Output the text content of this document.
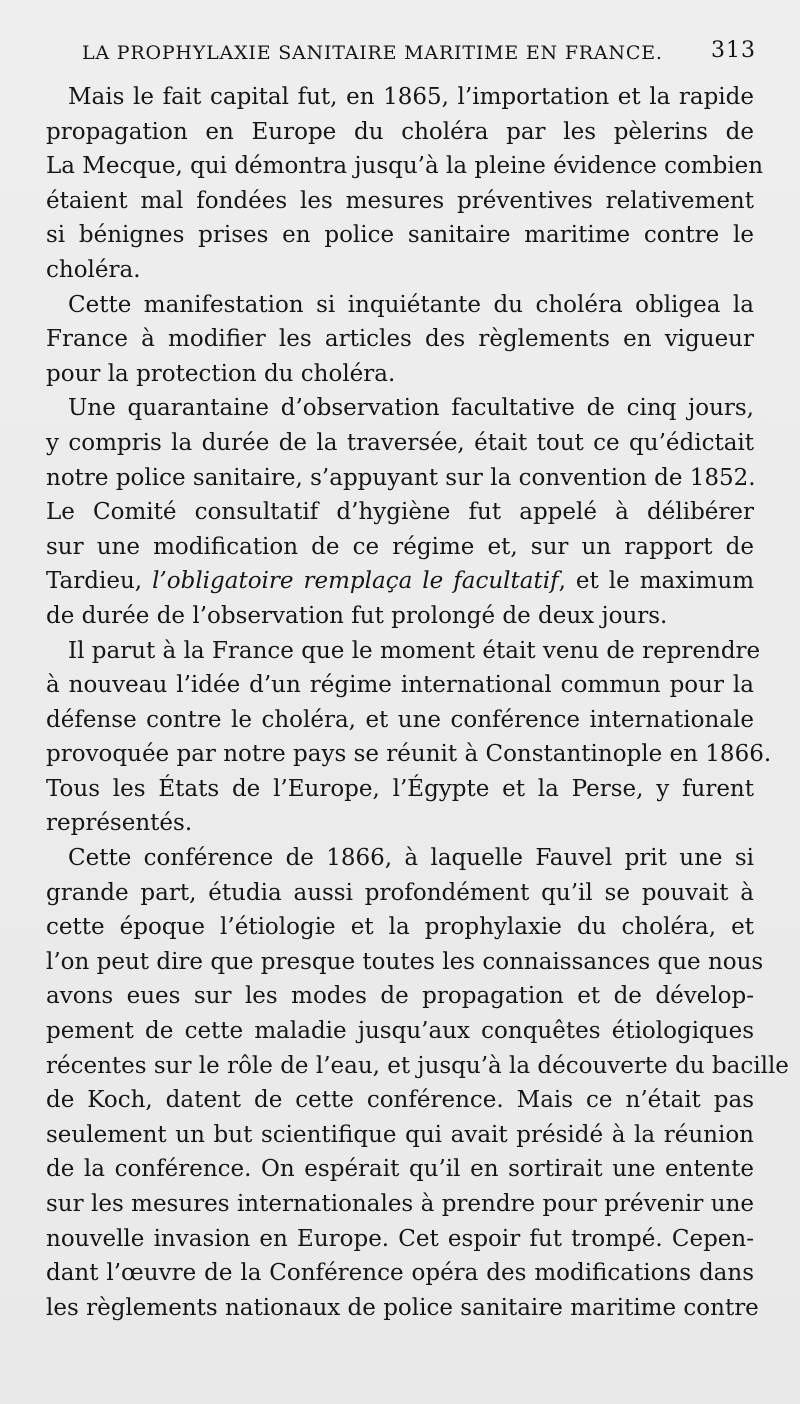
LA PROPHYLAXIE SANITAIRE MARITIME EN FRANCE. 313
Mais le fait capital fut, en 1865, l’importation et la rapide
propagation en Europe du choléra par les pèlerins de
La Mecque, qui démontra jusqu’à la pleine évidence combien
étaient mal fondées les mesures préventives relativement
si bénignes prises en police sanitaire maritime contre le
choléra.
Cette manifestation si inquiétante du choléra obligea la
France à modifier les articles des règlements en vigueur
pour la protection du choléra.
Une quarantaine d’observation facultative de cinq jours,
y compris la durée de la traversée, était tout ce qu’édictait
notre police sanitaire, s’appuyant sur la convention de 1852.
Le Comité consultatif d’hygiène fut appelé à délibérer
sur une modification de ce régime et, sur un rapport de
Tardieu, l’obligatoire remplaça le facultatif, et le maximum
de durée de l’observation fut prolongé de deux jours.
Il parut à la France que le moment était venu de reprendre
à nouveau l’idée d’un régime international commun pour la
défense contre le choléra, et une conférence internationale
provoquée par notre pays se réunit à Constantinople en 1866.
Tous les États de l’Europe, l’Égypte et la Perse, y furent
représentés.
Cette conférence de 1866, à laquelle Fauvel prit une si
grande part, étudia aussi profondément qu’il se pouvait à
cette époque l’étiologie et la prophylaxie du choléra, et
l’on peut dire que presque toutes les connaissances que nous
avons eues sur les modes de propagation et de dévelop-
pement de cette maladie jusqu’aux conquêtes étiologiques
récentes sur le rôle de l’eau, et jusqu’à la découverte du bacille
de Koch, datent de cette conférence. Mais ce n’était pas
seulement un but scientifique qui avait présidé à la réunion
de la conférence. On espérait qu’il en sortirait une entente
sur les mesures internationales à prendre pour prévenir une
nouvelle invasion en Europe. Cet espoir fut trompé. Cepen-
dant l’œuvre de la Conférence opéra des modifications dans
les règlements nationaux de police sanitaire maritime contre
